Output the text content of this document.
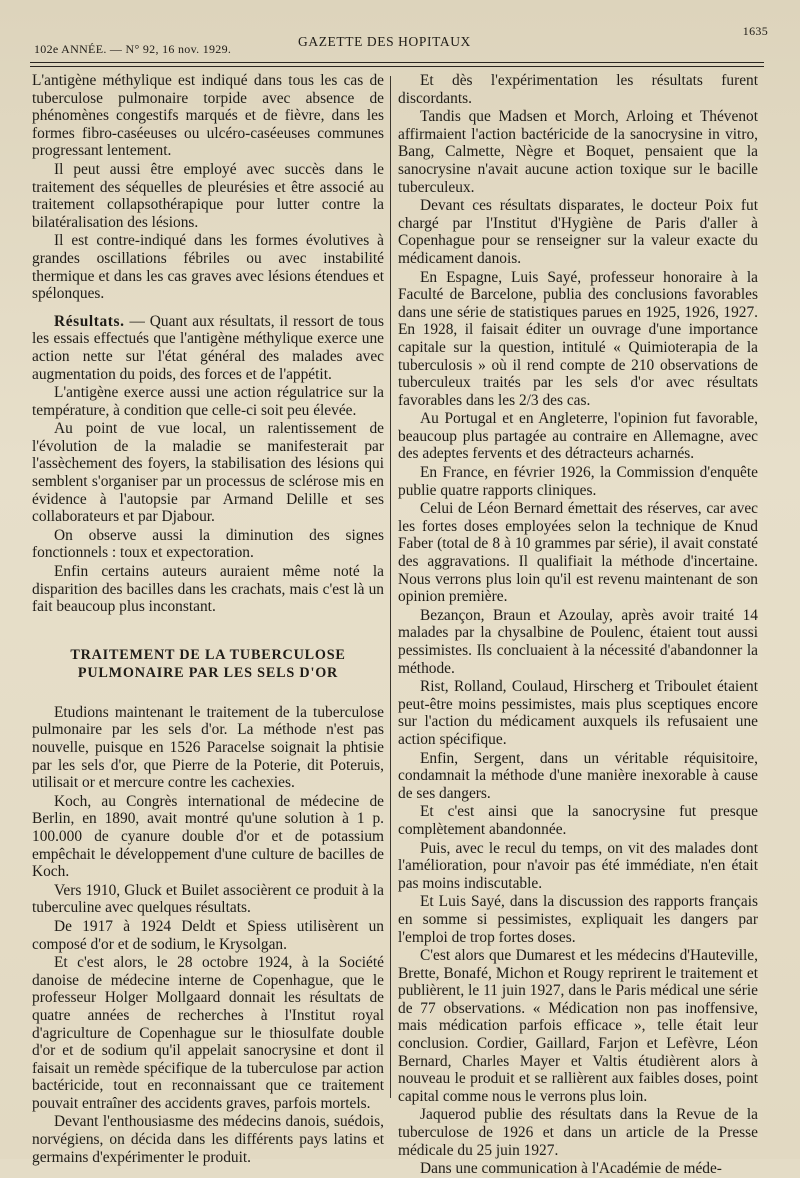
102e ANNÉE. — N° 92, 16 nov. 1929.	GAZETTE DES HOPITAUX
1635

L'antigène méthylique est indiqué dans tous les cas de tuberculose pulmonaire torpide avec absence de phénomènes congestifs marqués et de fièvre, dans les formes fibro-caséeuses ou ulcéro-caséeuses communes progressant lentement.

Il peut aussi être employé avec succès dans le traitement des séquelles de pleurésies et être associé au traitement collapsothérapique pour lutter contre la bilatéralisation des lésions.

Il est contre-indiqué dans les formes évolutives à grandes oscillations fébriles ou avec instabilité thermique et dans les cas graves avec lésions étendues et spélonques.

Résultats. — Quant aux résultats, il ressort de tous les essais effectués que l'antigène méthylique exerce une action nette sur l'état général des malades avec augmentation du poids, des forces et de l'appétit.

L'antigène exerce aussi une action régulatrice sur la température, à condition que celle-ci soit peu élevée.

Au point de vue local, un ralentissement de l'évolution de la maladie se manifesterait par l'assèchement des foyers, la stabilisation des lésions qui semblent s'organiser par un processus de sclérose mis en évidence à l'autopsie par Armand Delille et ses collaborateurs et par Djabour.

On observe aussi la diminution des signes fonctionnels : toux et expectoration.

Enfin certains auteurs auraient même noté la disparition des bacilles dans les crachats, mais c'est là un fait beaucoup plus inconstant.

TRAITEMENT DE LA TUBERCULOSE
PULMONAIRE PAR LES SELS D'OR

Etudions maintenant le traitement de la tuberculose pulmonaire par les sels d'or. La méthode n'est pas nouvelle, puisque en 1526 Paracelse soignait la phtisie par les sels d'or, que Pierre de la Poterie, dit Poteruis, utilisait or et mercure contre les cachexies.

Koch, au Congrès international de médecine de Berlin, en 1890, avait montré qu'une solution à 1 p. 100.000 de cyanure double d'or et de potassium empêchait le développement d'une culture de bacilles de Koch.

Vers 1910, Gluck et Builet associèrent ce produit à la tuberculine avec quelques résultats.

De 1917 à 1924 Deldt et Spiess utilisèrent un composé d'or et de sodium, le Krysolgan.

Et c'est alors, le 28 octobre 1924, à la Société danoise de médecine interne de Copenhague, que le professeur Holger Mollgaard donnait les résultats de quatre années de recherches à l'Institut royal d'agriculture de Copenhague sur le thiosulfate double d'or et de sodium qu'il appelait sanocrysine et dont il faisait un remède spécifique de la tuberculose par action bactéricide, tout en reconnaissant que ce traitement pouvait entraîner des accidents graves, parfois mortels.

Devant l'enthousiasme des médecins danois, suédois, norvégiens, on décida dans les différents pays latins et germains d'expérimenter le produit.

Et dès l'expérimentation les résultats furent discordants.

Tandis que Madsen et Morch, Arloing et Thévenot affirmaient l'action bactéricide de la sanocrysine in vitro, Bang, Calmette, Nègre et Boquet, pensaient que la sanocrysine n'avait aucune action toxique sur le bacille tuberculeux.

Devant ces résultats disparates, le docteur Poix fut chargé par l'Institut d'Hygiène de Paris d'aller à Copenhague pour se renseigner sur la valeur exacte du médicament danois.

En Espagne, Luis Sayé, professeur honoraire à la Faculté de Barcelone, publia des conclusions favorables dans une série de statistiques parues en 1925, 1926, 1927. En 1928, il faisait éditer un ouvrage d'une importance capitale sur la question, intitulé « Quimioterapia de la tuberculosis » où il rend compte de 210 observations de tuberculeux traités par les sels d'or avec résultats favorables dans les 2/3 des cas.

Au Portugal et en Angleterre, l'opinion fut favorable, beaucoup plus partagée au contraire en Allemagne, avec des adeptes fervents et des détracteurs acharnés.

En France, en février 1926, la Commission d'enquête publie quatre rapports cliniques.

Celui de Léon Bernard émettait des réserves, car avec les fortes doses employées selon la technique de Knud Faber (total de 8 à 10 grammes par série), il avait constaté des aggravations. Il qualifiait la méthode d'incertaine. Nous verrons plus loin qu'il est revenu maintenant de son opinion première.

Bezançon, Braun et Azoulay, après avoir traité 14 malades par la chysalbine de Poulenc, étaient tout aussi pessimistes. Ils concluaient à la nécessité d'abandonner la méthode.

Rist, Rolland, Coulaud, Hirscherg et Triboulet étaient peut-être moins pessimistes, mais plus sceptiques encore sur l'action du médicament auxquels ils refusaient une action spécifique.

Enfin, Sergent, dans un véritable réquisitoire, condamnait la méthode d'une manière inexorable à cause de ses dangers.

Et c'est ainsi que la sanocrysine fut presque complètement abandonnée.

Puis, avec le recul du temps, on vit des malades dont l'amélioration, pour n'avoir pas été immédiate, n'en était pas moins indiscutable.

Et Luis Sayé, dans la discussion des rapports français en somme si pessimistes, expliquait les dangers par l'emploi de trop fortes doses.

C'est alors que Dumarest et les médecins d'Hauteville, Brette, Bonafé, Michon et Rougy reprirent le traitement et publièrent, le 11 juin 1927, dans le Paris médical une série de 77 observations. « Médication non pas inoffensive, mais médication parfois efficace », telle était leur conclusion. Cordier, Gaillard, Farjon et Lefèvre, Léon Bernard, Charles Mayer et Valtis étudièrent alors à nouveau le produit et se rallièrent aux faibles doses, point capital comme nous le verrons plus loin.

Jaquerod publie des résultats dans la Revue de la tuberculose de 1926 et dans un article de la Presse médicale du 25 juin 1927.

Dans une communication à l'Académie de méde-
